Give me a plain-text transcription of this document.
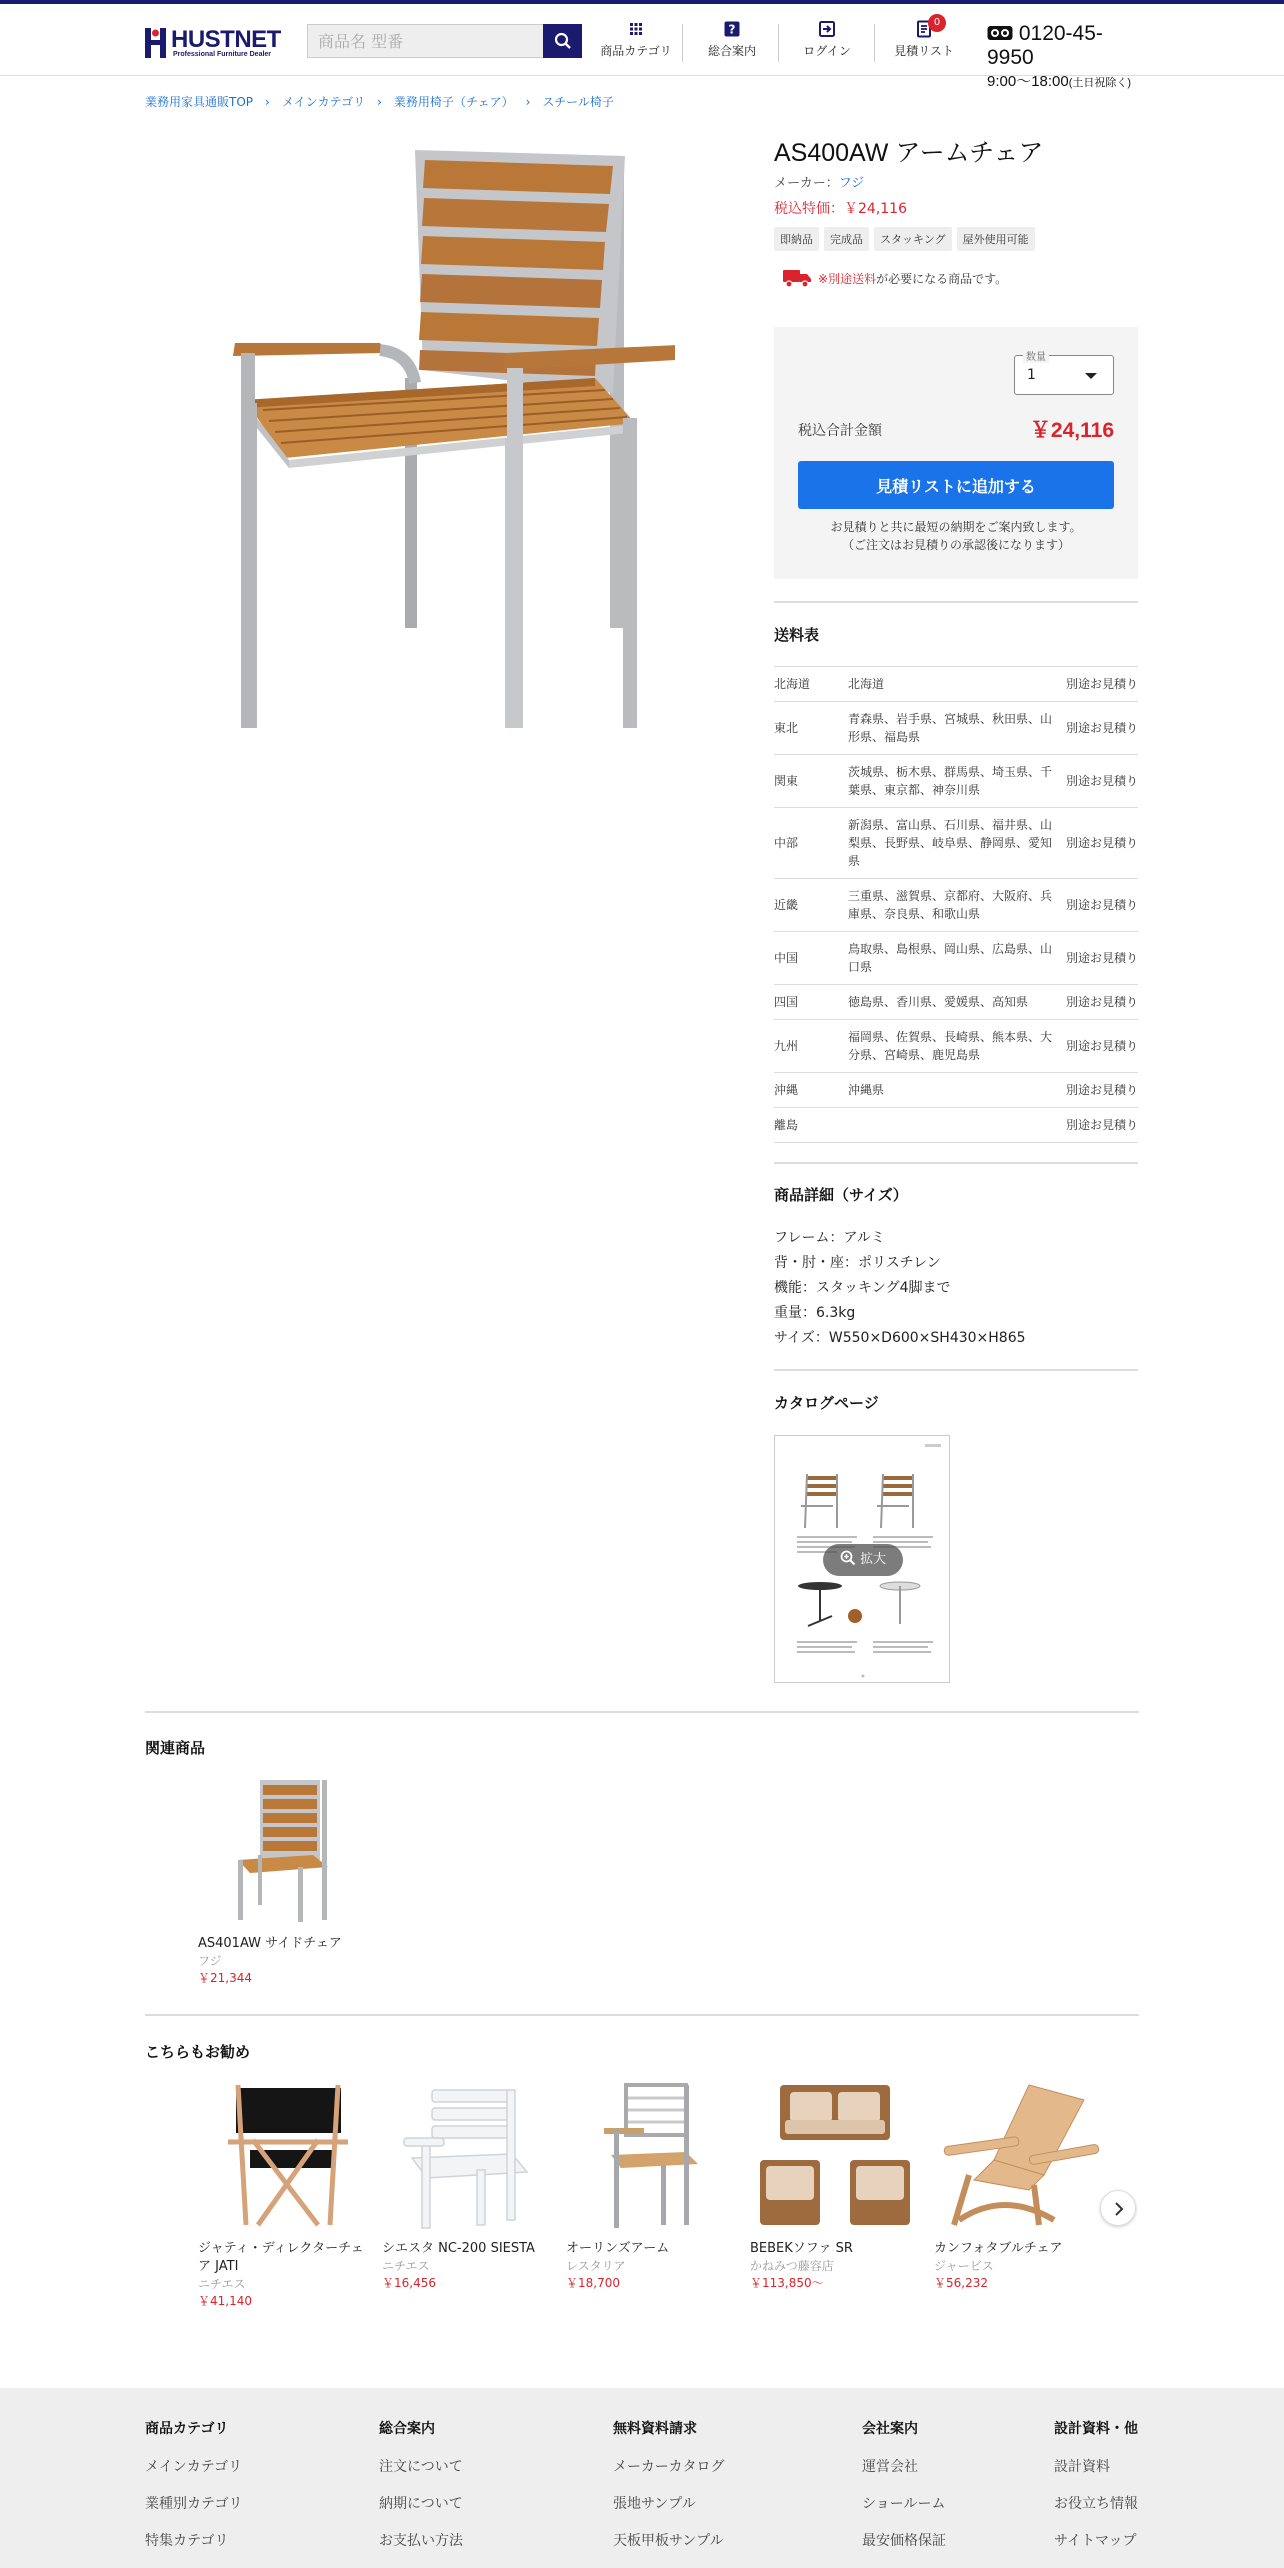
HUSTNET
Professional Furniture Dealer
商品名 型番	商品カテゴリ
?
総合案内	ログイン
0
見積リスト
0120-45-9950
9:00〜18:00(土日祝除く)
業務用家具通販TOP › メインカテゴリ › 業務用椅子（チェア） › スチール椅子
AS400AW アームチェア
メーカー：フジ
税込特価：￥24,116
即納品 完成品 スタッキング 屋外使用可能
※別途送料が必要になる商品です。
数量
1
税込合計金額	￥24,116
見積リストに追加する
お見積りと共に最短の納期をご案内致します。
（ご注文はお見積りの承認後になります）
送料表
北海道	北海道	別途お見積り
東北	青森県、岩手県、宮城県、秋田県、山形県、福島県	別途お見積り
関東	茨城県、栃木県、群馬県、埼玉県、千葉県、東京都、神奈川県	別途お見積り
中部	新潟県、富山県、石川県、福井県、山梨県、長野県、岐阜県、静岡県、愛知県	別途お見積り
近畿	三重県、滋賀県、京都府、大阪府、兵庫県、奈良県、和歌山県	別途お見積り
中国	鳥取県、島根県、岡山県、広島県、山口県	別途お見積り
四国	徳島県、香川県、愛媛県、高知県	別途お見積り
九州	福岡県、佐賀県、長崎県、熊本県、大分県、宮崎県、鹿児島県	別途お見積り
沖縄	沖縄県	別途お見積り
離島		別途お見積り
商品詳細（サイズ）
フレーム：アルミ
背・肘・座：ポリスチレン
機能：スタッキング4脚まで
重量：6.3kg
サイズ：W550×D600×SH430×H865
カタログページ
拡大
関連商品
AS401AW サイドチェア
フジ
￥21,344
こちらもお勧め
ジャティ・ディレクターチェア JATI
ニチエス
￥41,140
シエスタ NC-200 SIESTA
ニチエス
￥16,456
オーリンズアーム
レスタリア
￥18,700
BEBEKソファ SR
かねみつ藤容店
￥113,850〜
カンフォタブルチェア
ジャービス
￥56,232
商品カテゴリ
メインカテゴリ
業種別カテゴリ
特集カテゴリ
総合案内
注文について
納期について
お支払い方法
無料資料請求
メーカーカタログ
張地サンプル
天板甲板サンプル
会社案内
運営会社
ショールーム
最安価格保証
設計資料・他
設計資料
お役立ち情報
サイトマップ
